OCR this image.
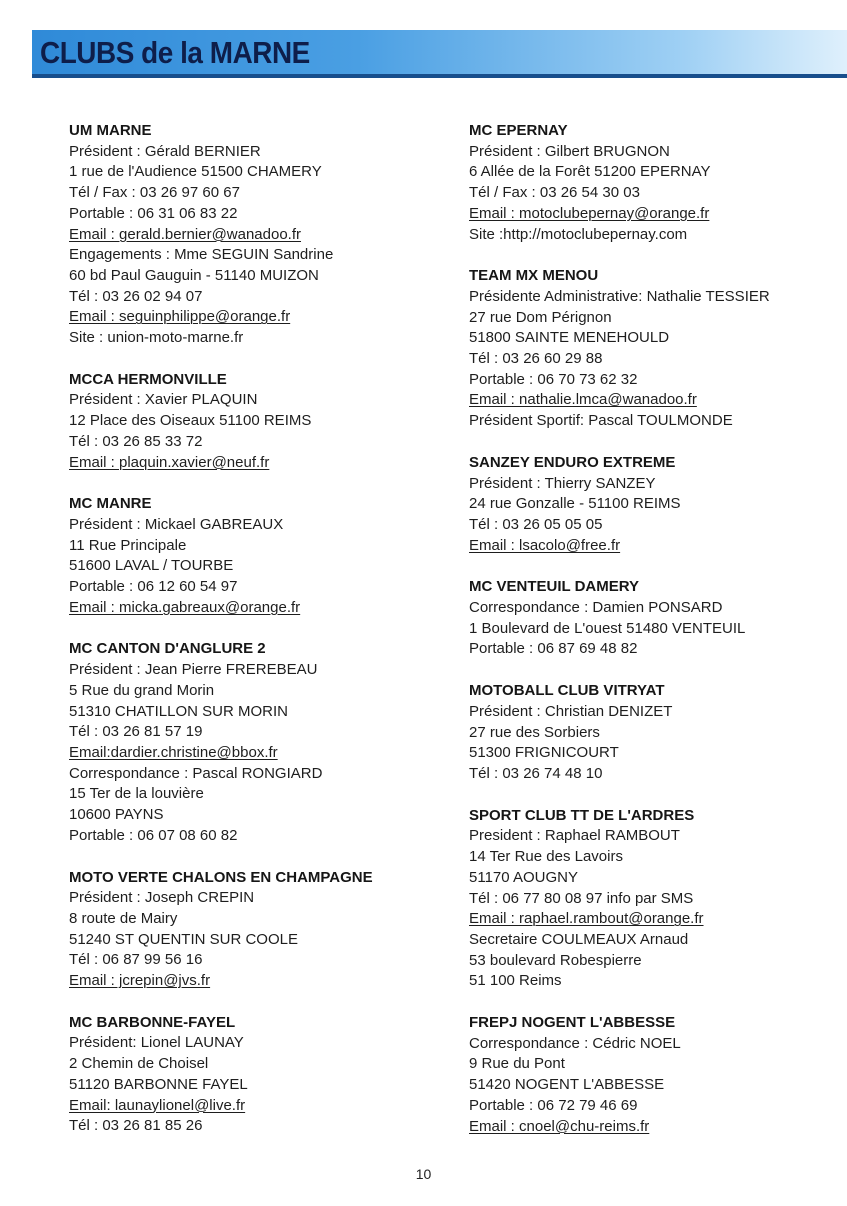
CLUBS de la MARNE
UM MARNE
Président : Gérald BERNIER
1 rue de l'Audience 51500 CHAMERY
Tél / Fax : 03 26 97 60 67
Portable : 06 31 06 83 22
Email : gerald.bernier@wanadoo.fr
Engagements : Mme SEGUIN Sandrine
60 bd Paul Gauguin - 51140 MUIZON
Tél : 03 26 02 94 07
Email : seguinphilippe@orange.fr
Site : union-moto-marne.fr
MCCA HERMONVILLE
Président : Xavier PLAQUIN
12 Place des Oiseaux 51100 REIMS
Tél : 03 26 85 33 72
Email : plaquin.xavier@neuf.fr
MC MANRE
Président : Mickael GABREAUX
11 Rue Principale
51600 LAVAL / TOURBE
Portable : 06 12 60 54 97
Email : micka.gabreaux@orange.fr
MC CANTON D'ANGLURE 2
Président : Jean Pierre FREREBEAU
5 Rue du grand Morin
51310 CHATILLON SUR MORIN
Tél : 03 26 81 57 19
Email:dardier.christine@bbox.fr
Correspondance : Pascal RONGIARD
15 Ter de la louvière
10600 PAYNS
Portable : 06 07 08 60 82
MOTO VERTE CHALONS EN CHAMPAGNE
Président : Joseph CREPIN
8 route de Mairy
51240 ST QUENTIN SUR COOLE
Tél : 06 87 99 56 16
Email : jcrepin@jvs.fr
MC BARBONNE-FAYEL
Président: Lionel LAUNAY
2 Chemin de Choisel
51120 BARBONNE FAYEL
Email: launaylionel@live.fr
Tél : 03 26 81 85 26
MC EPERNAY
Président : Gilbert BRUGNON
6 Allée de la Forêt 51200 EPERNAY
Tél / Fax : 03 26 54 30 03
Email : motoclubepernay@orange.fr
Site :http://motoclubepernay.com
TEAM MX MENOU
Présidente Administrative: Nathalie TESSIER
27 rue Dom Pérignon
51800 SAINTE MENEHOULD
Tél : 03 26 60 29 88
Portable : 06 70 73 62 32
Email : nathalie.lmca@wanadoo.fr
Président Sportif: Pascal TOULMONDE
SANZEY ENDURO EXTREME
Président : Thierry SANZEY
24 rue Gonzalle - 51100 REIMS
Tél : 03 26 05 05 05
Email : lsacolo@free.fr
MC VENTEUIL DAMERY
Correspondance : Damien PONSARD
1 Boulevard de L'ouest 51480 VENTEUIL
Portable : 06 87 69 48 82
MOTOBALL CLUB VITRYAT
Président : Christian DENIZET
27 rue des Sorbiers
51300 FRIGNICOURT
Tél : 03 26 74 48 10
SPORT CLUB TT DE L'ARDRES
President : Raphael RAMBOUT
14 Ter Rue des Lavoirs
51170 AOUGNY
Tél : 06 77 80 08 97 info par SMS
Email : raphael.rambout@orange.fr
Secretaire COULMEAUX Arnaud
53 boulevard Robespierre
51 100 Reims
FREPJ NOGENT L'ABBESSE
Correspondance : Cédric NOEL
9 Rue du Pont
51420 NOGENT L'ABBESSE
Portable : 06 72 79 46 69
Email : cnoel@chu-reims.fr
10
